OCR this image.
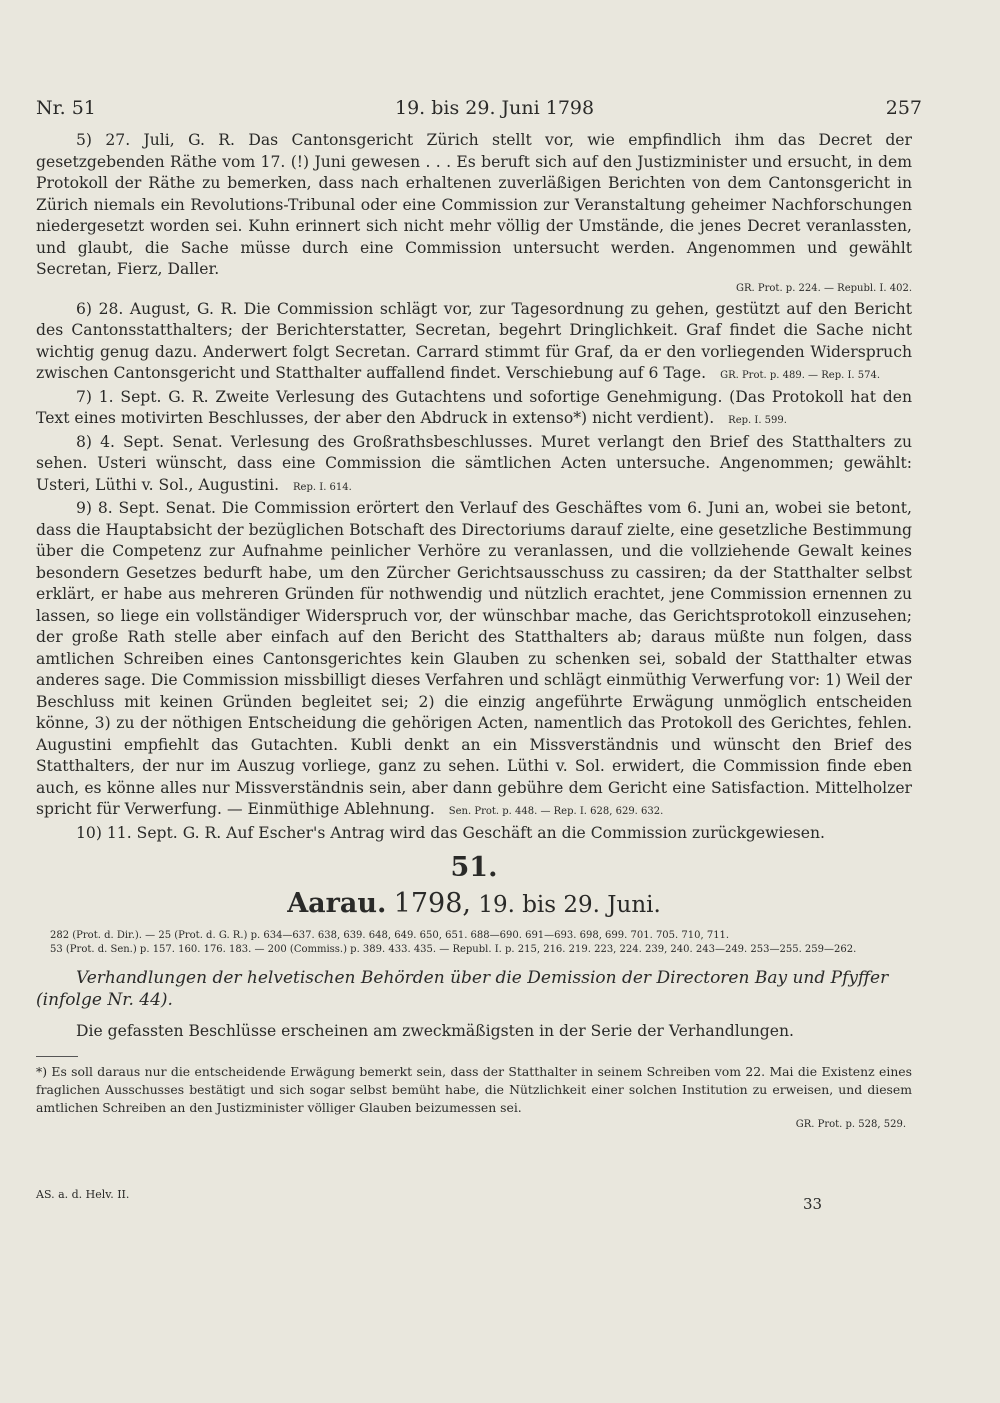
Nr. 51	19. bis 29. Juni 1798	257

5) 27. Juli, G. R. Das Cantonsgericht Zürich stellt vor, wie empfindlich ihm das Decret der gesetzgebenden Räthe vom 17. (!) Juni gewesen . . . Es beruft sich auf den Justizminister und ersucht, in dem Protokoll der Räthe zu bemerken, dass nach erhaltenen zuverläßigen Berichten von dem Cantonsgericht in Zürich niemals ein Revolutions-Tribunal oder eine Commission zur Veranstaltung geheimer Nachforschungen niedergesetzt worden sei. Kuhn erinnert sich nicht mehr völlig der Umstände, die jenes Decret veranlassten, und glaubt, die Sache müsse durch eine Commission untersucht werden. Angenommen und gewählt Secretan, Fierz, Daller.

GR. Prot. p. 224. — Republ. I. 402.

6) 28. August, G. R. Die Commission schlägt vor, zur Tagesordnung zu gehen, gestützt auf den Bericht des Cantonsstatthalters; der Berichterstatter, Secretan, begehrt Dringlichkeit. Graf findet die Sache nicht wichtig genug dazu. Anderwert folgt Secretan. Carrard stimmt für Graf, da er den vorliegenden Widerspruch zwischen Cantonsgericht und Statthalter auffallend findet. Verschiebung auf 6 Tage. GR. Prot. p. 489. — Rep. I. 574.

7) 1. Sept. G. R. Zweite Verlesung des Gutachtens und sofortige Genehmigung. (Das Protokoll hat den Text eines motivirten Beschlusses, der aber den Abdruck in extenso*) nicht verdient). Rep. I. 599.

8) 4. Sept. Senat. Verlesung des Großrathsbeschlusses. Muret verlangt den Brief des Statthalters zu sehen. Usteri wünscht, dass eine Commission die sämtlichen Acten untersuche. Angenommen; gewählt: Usteri, Lüthi v. Sol., Augustini. Rep. I. 614.

9) 8. Sept. Senat. Die Commission erörtert den Verlauf des Geschäftes vom 6. Juni an, wobei sie betont, dass die Hauptabsicht der bezüglichen Botschaft des Directoriums darauf zielte, eine gesetzliche Bestimmung über die Competenz zur Aufnahme peinlicher Verhöre zu veranlassen, und die vollziehende Gewalt keines besondern Gesetzes bedurft habe, um den Zürcher Gerichtsausschuss zu cassiren; da der Statthalter selbst erklärt, er habe aus mehreren Gründen für nothwendig und nützlich erachtet, jene Commission ernennen zu lassen, so liege ein vollständiger Widerspruch vor, der wünschbar mache, das Gerichtsprotokoll einzusehen; der große Rath stelle aber einfach auf den Bericht des Statthalters ab; daraus müßte nun folgen, dass amtlichen Schreiben eines Cantonsgerichtes kein Glauben zu schenken sei, sobald der Statthalter etwas anderes sage. Die Commission missbilligt dieses Verfahren und schlägt einmüthig Verwerfung vor: 1) Weil der Beschluss mit keinen Gründen begleitet sei; 2) die einzig angeführte Erwägung unmöglich entscheiden könne, 3) zu der nöthigen Entscheidung die gehörigen Acten, namentlich das Protokoll des Gerichtes, fehlen. Augustini empfiehlt das Gutachten. Kubli denkt an ein Missverständnis und wünscht den Brief des Statthalters, der nur im Auszug vorliege, ganz zu sehen. Lüthi v. Sol. erwidert, die Commission finde eben auch, es könne alles nur Missverständnis sein, aber dann gebühre dem Gericht eine Satisfaction. Mittelholzer spricht für Verwerfung. — Einmüthige Ablehnung. Sen. Prot. p. 448. — Rep. I. 628, 629. 632.

10) 11. Sept. G. R. Auf Escher's Antrag wird das Geschäft an die Commission zurückgewiesen.

51.
Aarau. 1798, 19. bis 29. Juni.
282 (Prot. d. Dir.). — 25 (Prot. d. G. R.) p. 634—637. 638, 639. 648, 649. 650, 651. 688—690. 691—693. 698, 699. 701. 705. 710, 711.
53 (Prot. d. Sen.) p. 157. 160. 176. 183. — 200 (Commiss.) p. 389. 433. 435. — Republ. I. p. 215, 216. 219. 223, 224. 239, 240. 243—249. 253—255. 259—262.
Verhandlungen der helvetischen Behörden über die Demission der Directoren Bay und Pfyffer (infolge Nr. 44).
Die gefassten Beschlüsse erscheinen am zweckmäßigsten in der Serie der Verhandlungen.
*) Es soll daraus nur die entscheidende Erwägung bemerkt sein, dass der Statthalter in seinem Schreiben vom 22. Mai die Existenz eines fraglichen Ausschusses bestätigt und sich sogar selbst bemüht habe, die Nützlichkeit einer solchen Institution zu erweisen, und diesem amtlichen Schreiben an den Justizminister völliger Glauben beizumessen sei.
GR. Prot. p. 528, 529.
AS. a. d. Helv. II.
33
